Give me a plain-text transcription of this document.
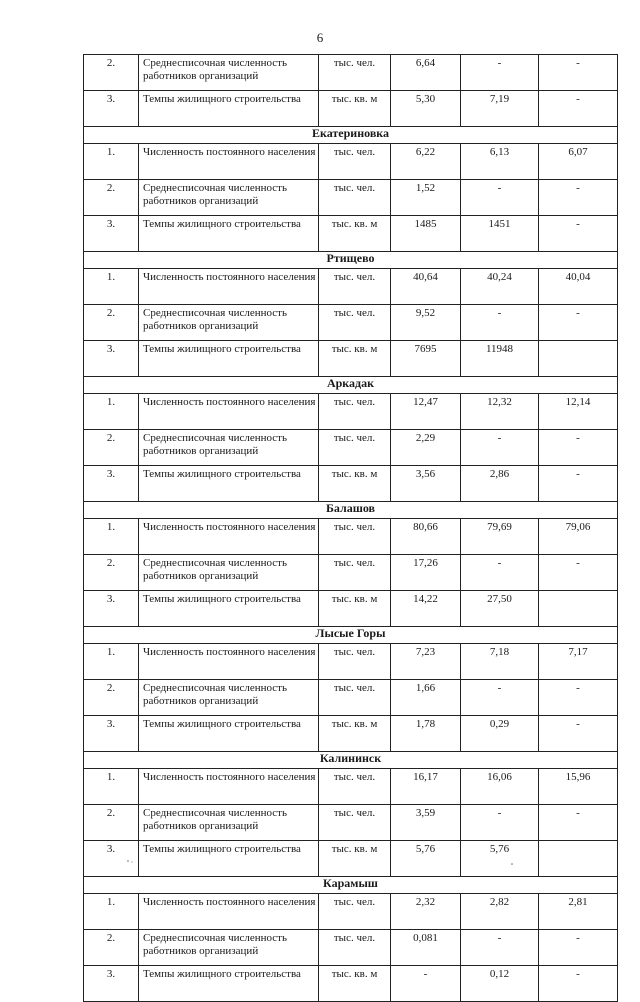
6
2.	Среднесписочная численность работников организаций	тыс. чел.	6,64	-	-
3.	Темпы жилищного строительства	тыс. кв. м	5,30	7,19	-
Екатериновка					
1.	Численность постоянного населения	тыс. чел.	6,22	6,13	6,07
2.	Среднесписочная численность работников организаций	тыс. чел.	1,52	-	-
3.	Темпы жилищного строительства	тыс. кв. м	1485	1451	-
Ртищево					
1.	Численность постоянного населения	тыс. чел.	40,64	40,24	40,04
2.	Среднесписочная численность работников организаций	тыс. чел.	9,52	-	-
3.	Темпы жилищного строительства	тыс. кв. м	7695	11948	
Аркадак					
1.	Численность постоянного населения	тыс. чел.	12,47	12,32	12,14
2.	Среднесписочная численность работников организаций	тыс. чел.	2,29	-	-
3.	Темпы жилищного строительства	тыс. кв. м	3,56	2,86	-
Балашов					
1.	Численность постоянного населения	тыс. чел.	80,66	79,69	79,06
2.	Среднесписочная численность работников организаций	тыс. чел.	17,26	-	-
3.	Темпы жилищного строительства	тыс. кв. м	14,22	27,50	
Лысые Горы					
1.	Численность постоянного населения	тыс. чел.	7,23	7,18	7,17
2.	Среднесписочная численность работников организаций	тыс. чел.	1,66	-	-
3.	Темпы жилищного строительства	тыс. кв. м	1,78	0,29	-
Калининск					
1.	Численность постоянного населения	тыс. чел.	16,17	16,06	15,96
2.	Среднесписочная численность работников организаций	тыс. чел.	3,59	-	-
3.	Темпы жилищного строительства	тыс. кв. м	5,76	5,76	
Карамыш					
1.	Численность постоянного населения	тыс. чел.	2,32	2,82	2,81
2.	Среднесписочная численность работников организаций	тыс. чел.	0,081	-	-
3.	Темпы жилищного строительства	тыс. кв. м	-	0,12	-
